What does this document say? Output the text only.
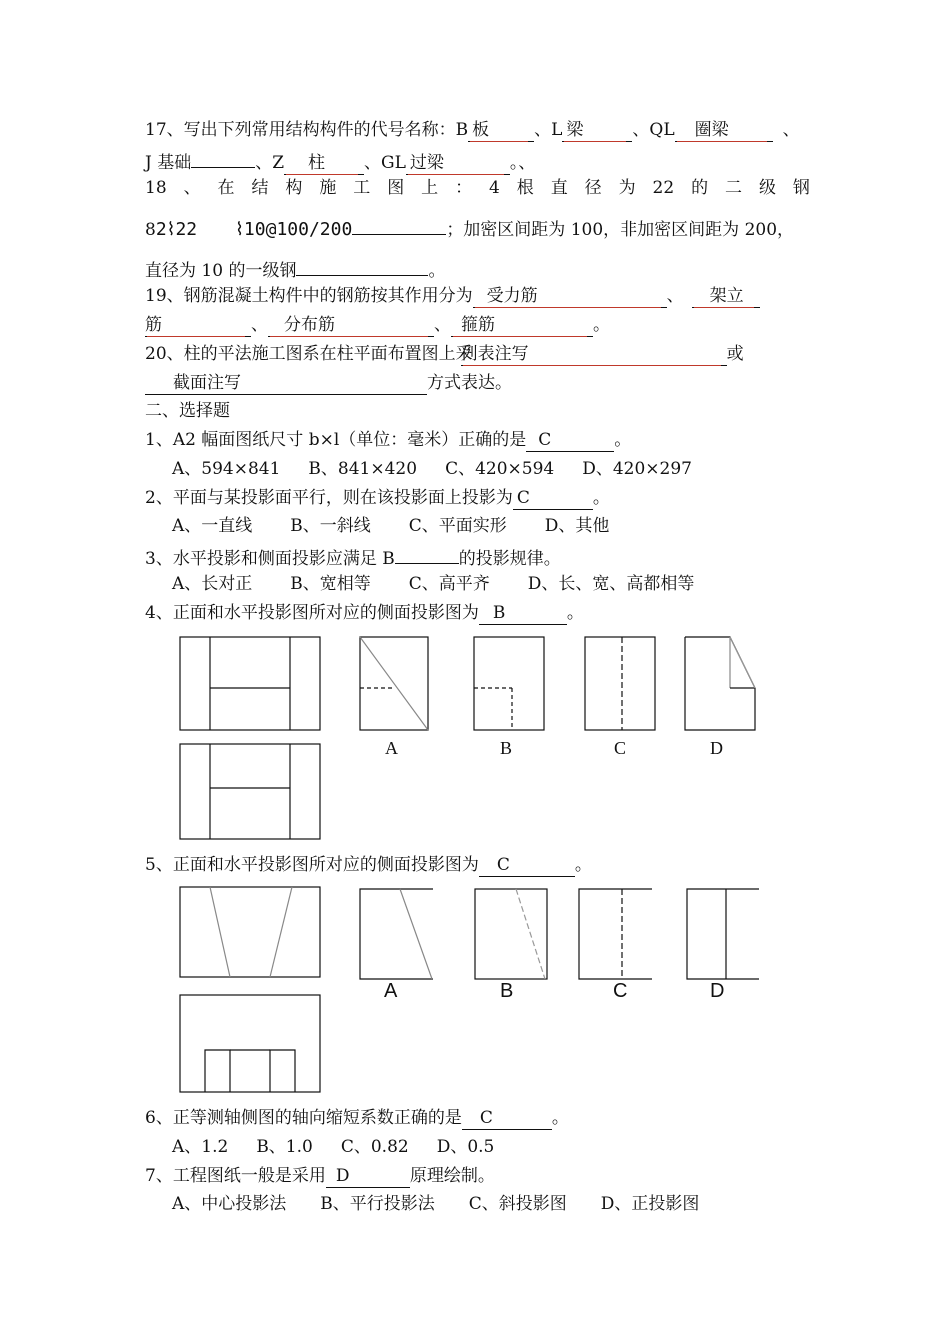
17、写出下列常用结构构件的代号名称：B 板	、L 梁	、QL 圈梁	、
J 基础	、Z 柱 、GL 过梁	。、
18 、 在 结 构 施 工 图 上 ： 4 根 直 径 为 22 的 二 级 钢
82⌇22 ⌇10@100/200	；加密区间距为 100，非加密区间距为 200，
直径为 10 的一级钢	。
19、钢筋混凝土构件中的钢筋按其作用分为 受力筋	、 架立
筋	、 分布筋	、 箍筋	。
20、柱的平法施工图系在柱平面布置图上采列表注写	或
截面注写	方式表达。
二、选择题
1、A2 幅面图纸尺寸 b×l（单位：毫米）正确的是 C	。
A、594×841 B、841×420 C、420×594 D、420×297
2、平面与某投影面平行，则在该投影面上投影为 C	。
A、一直线 B、一斜线 C、平面实形 D、其他
3、水平投影和侧面投影应满足 B	的投影规律。
A、长对正 B、宽相等 C、高平齐 D、长、宽、高都相等
4、正面和水平投影图所对应的侧面投影图为 B	。
A	B	C	D
5、正面和水平投影图所对应的侧面投影图为 C	。
A	B	C	D
6、正等测轴侧图的轴向缩短系数正确的是 C	。
A、1.2 B、1.0 C、0.82 D、0.5
7、工程图纸一般是采用 D	原理绘制。
A、中心投影法 B、平行投影法 C、斜投影图 D、正投影图
